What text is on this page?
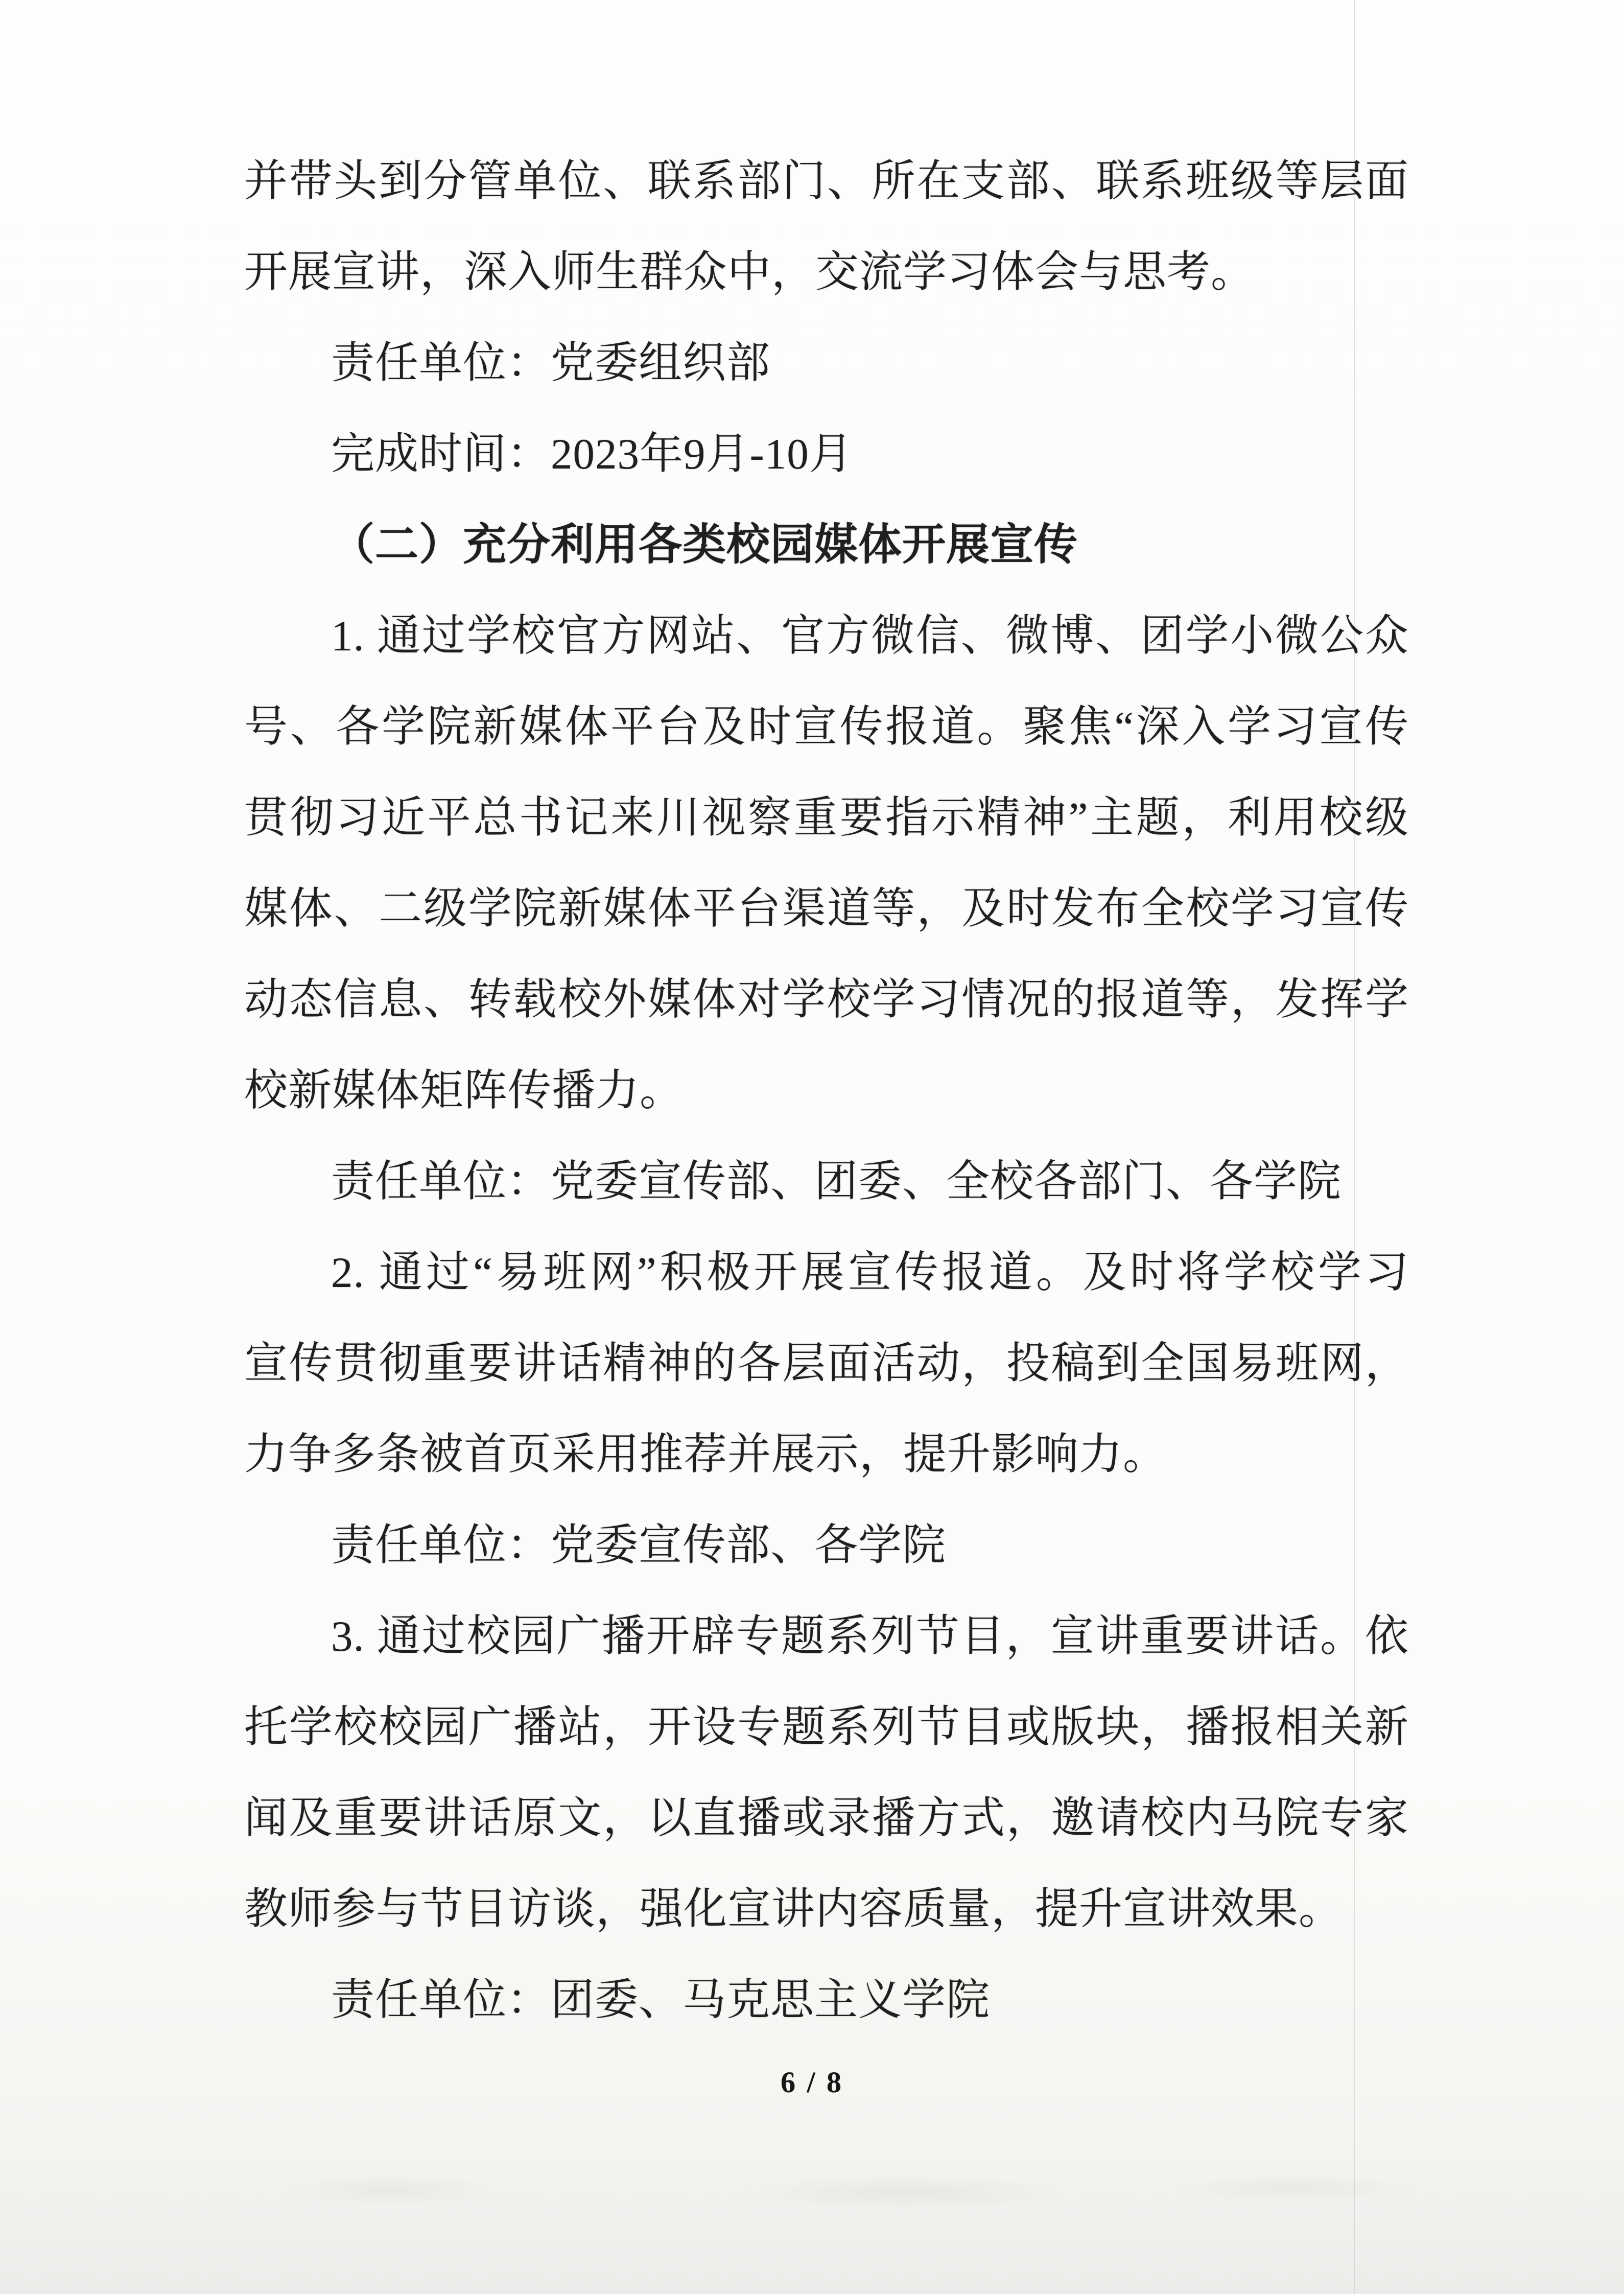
并带头到分管单位、联系部门、所在支部、联系班级等层面

开展宣讲，深入师生群众中，交流学习体会与思考。

责任单位：党委组织部

完成时间：2023年9月-10月

（二）充分利用各类校园媒体开展宣传

1. 通过学校官方网站、官方微信、微博、团学小微公众

号、各学院新媒体平台及时宣传报道。聚焦“深入学习宣传

贯彻习近平总书记来川视察重要指示精神”主题，利用校级

媒体、二级学院新媒体平台渠道等，及时发布全校学习宣传

动态信息、转载校外媒体对学校学习情况的报道等，发挥学

校新媒体矩阵传播力。

责任单位：党委宣传部、团委、全校各部门、各学院

2. 通过“易班网”积极开展宣传报道。及时将学校学习

宣传贯彻重要讲话精神的各层面活动，投稿到全国易班网，

力争多条被首页采用推荐并展示，提升影响力。

责任单位：党委宣传部、各学院

3. 通过校园广播开辟专题系列节目，宣讲重要讲话。依

托学校校园广播站，开设专题系列节目或版块，播报相关新

闻及重要讲话原文，以直播或录播方式，邀请校内马院专家

教师参与节目访谈，强化宣讲内容质量，提升宣讲效果。

责任单位：团委、马克思主义学院

6 / 8
